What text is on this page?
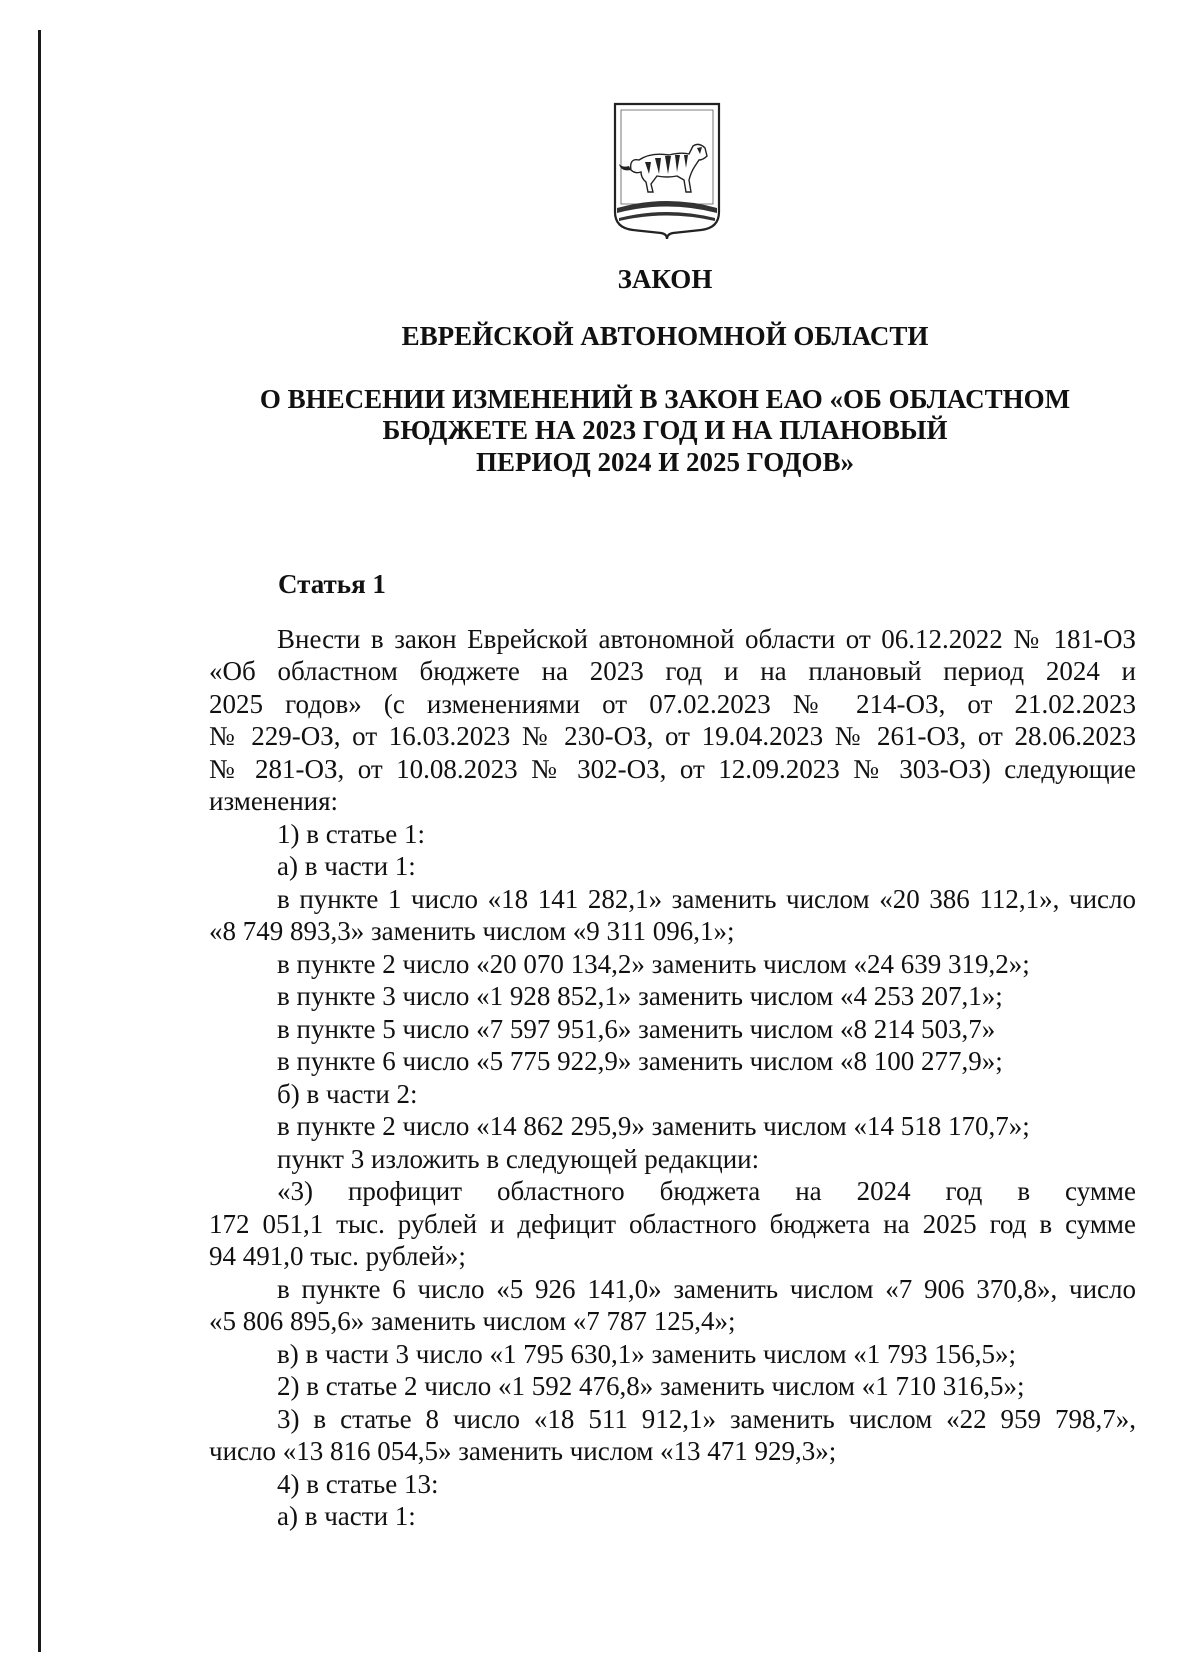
ЗАКОН
ЕВРЕЙСКОЙ АВТОНОМНОЙ ОБЛАСТИ
О ВНЕСЕНИИ ИЗМЕНЕНИЙ В ЗАКОН ЕАО «ОБ ОБЛАСТНОМ
БЮДЖЕТЕ НА 2023 ГОД И НА ПЛАНОВЫЙ
ПЕРИОД 2024 И 2025 ГОДОВ»
Статья 1
Внести в закон Еврейской автономной области от 06.12.2022 № 181-ОЗ
«Об областном бюджете на 2023 год и на плановый период 2024 и
2025 годов» (с изменениями от 07.02.2023 № 214-ОЗ, от 21.02.2023
№ 229-ОЗ, от 16.03.2023 № 230-ОЗ, от 19.04.2023 № 261-ОЗ, от 28.06.2023
№ 281-ОЗ, от 10.08.2023 № 302-ОЗ, от 12.09.2023 № 303-ОЗ) следующие
изменения:
1) в статье 1:
а) в части 1:
в пункте 1 число «18 141 282,1» заменить числом «20 386 112,1», число
«8 749 893,3» заменить числом «9 311 096,1»;
в пункте 2 число «20 070 134,2» заменить числом «24 639 319,2»;
в пункте 3 число «1 928 852,1» заменить числом «4 253 207,1»;
в пункте 5 число «7 597 951,6» заменить числом «8 214 503,7»
в пункте 6 число «5 775 922,9» заменить числом «8 100 277,9»;
б) в части 2:
в пункте 2 число «14 862 295,9» заменить числом «14 518 170,7»;
пункт 3 изложить в следующей редакции:
«3) профицит областного бюджета на 2024 год в сумме
172 051,1 тыс. рублей и дефицит областного бюджета на 2025 год в сумме
94 491,0 тыс. рублей»;
в пункте 6 число «5 926 141,0» заменить числом «7 906 370,8», число
«5 806 895,6» заменить числом «7 787 125,4»;
в) в части 3 число «1 795 630,1» заменить числом «1 793 156,5»;
2) в статье 2 число «1 592 476,8» заменить числом «1 710 316,5»;
3) в статье 8 число «18 511 912,1» заменить числом «22 959 798,7»,
число «13 816 054,5» заменить числом «13 471 929,3»;
4) в статье 13:
а) в части 1:
